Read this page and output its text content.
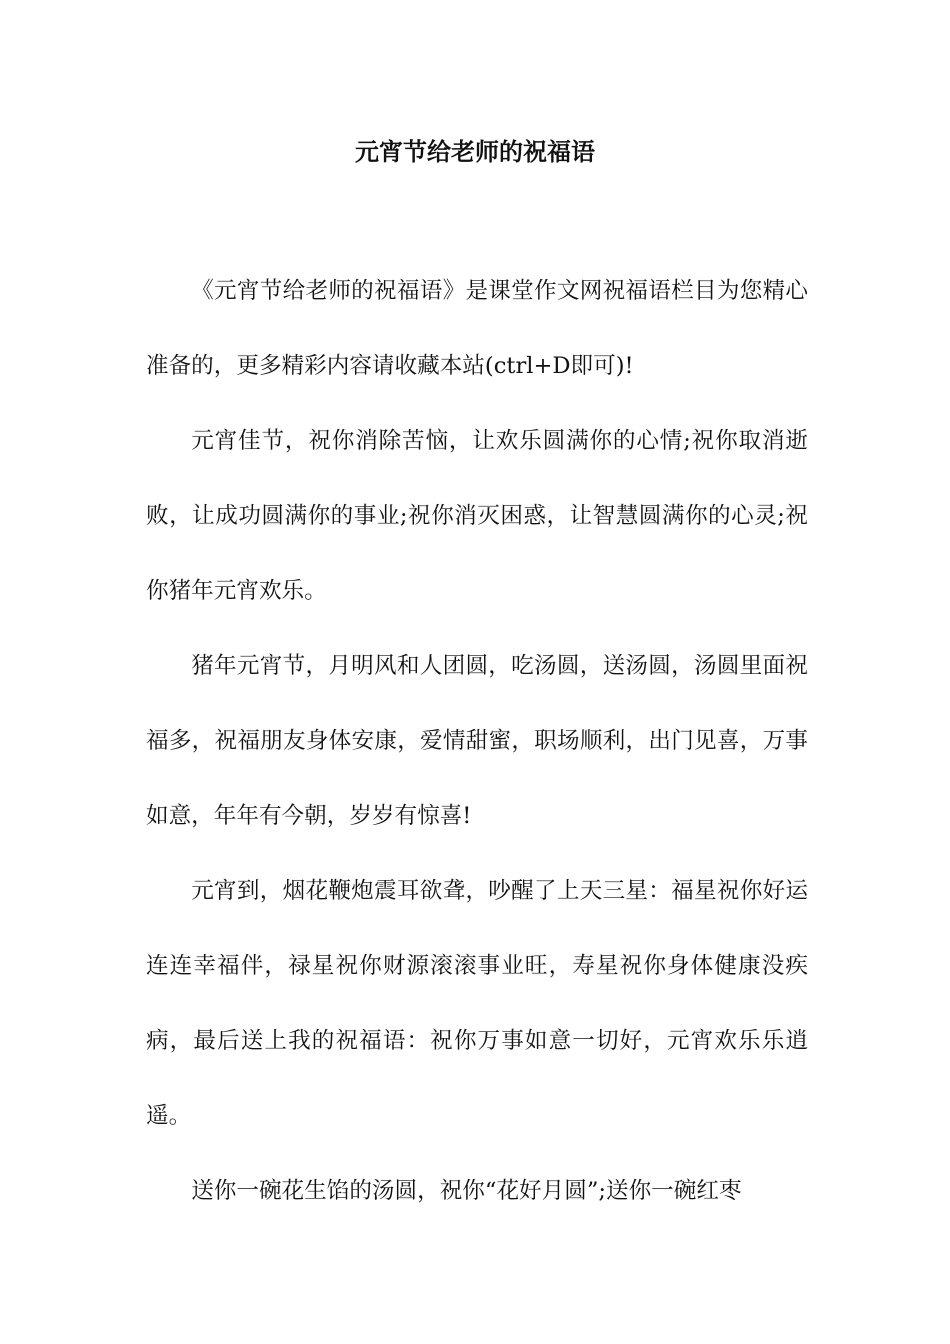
元宵节给老师的祝福语

《元宵节给老师的祝福语》是课堂作文网祝福语栏目为您精心准备的，更多精彩内容请收藏本站(ctrl+D即可)!

元宵佳节，祝你消除苦恼，让欢乐圆满你的心情;祝你取消逝败，让成功圆满你的事业;祝你消灭困惑，让智慧圆满你的心灵;祝你猪年元宵欢乐。

猪年元宵节，月明风和人团圆，吃汤圆，送汤圆，汤圆里面祝福多，祝福朋友身体安康，爱情甜蜜，职场顺利，出门见喜，万事如意，年年有今朝，岁岁有惊喜!

元宵到，烟花鞭炮震耳欲聋，吵醒了上天三星：福星祝你好运连连幸福伴，禄星祝你财源滚滚事业旺，寿星祝你身体健康没疾病，最后送上我的祝福语：祝你万事如意一切好，元宵欢乐乐逍遥。

送你一碗花生馅的汤圆，祝你“花好月圆”;送你一碗红枣
